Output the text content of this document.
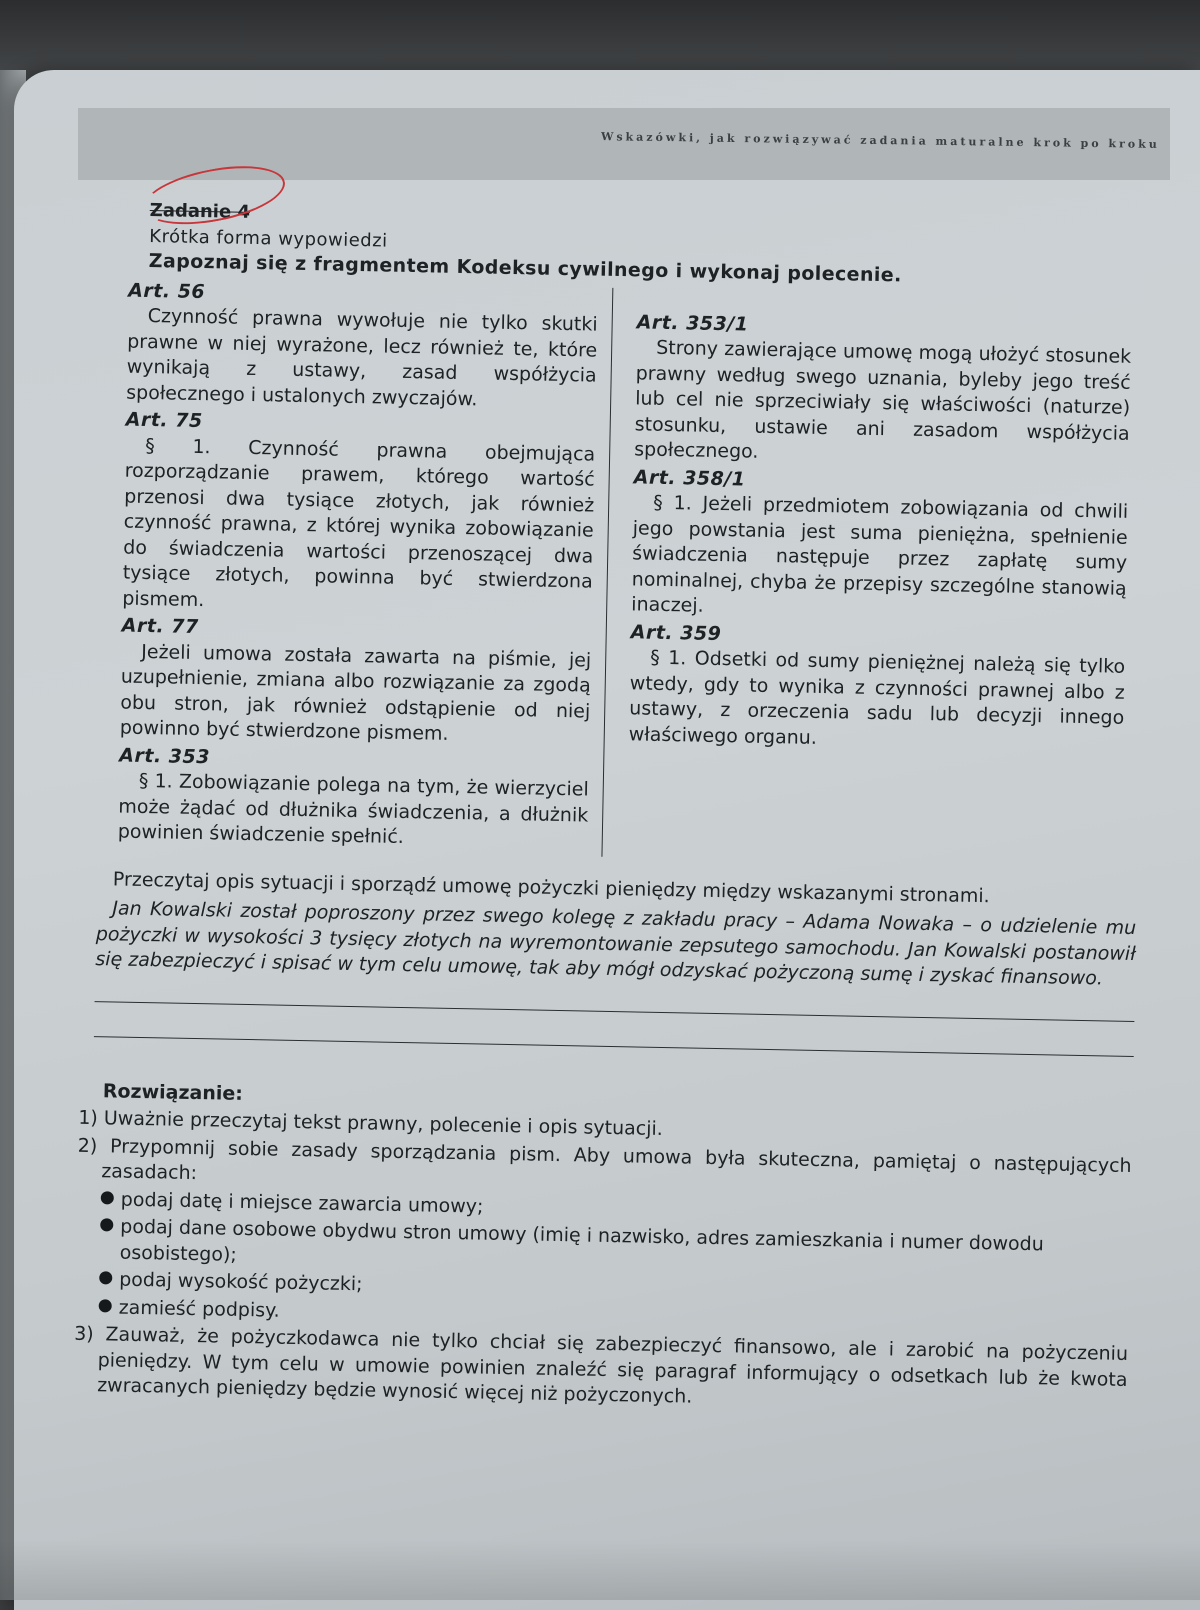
Wskazówki, jak rozwiązywać zadania maturalne krok po kroku
Zadanie 4
Krótka forma wypowiedzi
Zapoznaj się z fragmentem Kodeksu cywilnego i wykonaj polecenie.
Art. 56

Czynność prawna wywołuje nie tylko skutki prawne w niej wyrażone, lecz również te, które wynikają z ustawy, zasad współżycia społecznego i ustalonych zwyczajów.

Art. 75

§ 1. Czynność prawna obejmująca rozporządzanie prawem, którego wartość przenosi dwa tysiące złotych, jak również czynność prawna, z której wynika zobowiązanie do świadczenia wartości przenoszącej dwa tysiące złotych, powinna być stwierdzona pismem.

Art. 77

Jeżeli umowa została zawarta na piśmie, jej uzupełnienie, zmiana albo rozwiązanie za zgodą obu stron, jak również odstąpienie od niej powinno być stwierdzone pismem.

Art. 353

§ 1. Zobowiązanie polega na tym, że wierzyciel może żądać od dłużnika świadczenia, a dłużnik powinien świadczenie spełnić.

Art. 353/1

Strony zawierające umowę mogą ułożyć stosunek prawny według swego uznania, byleby jego treść lub cel nie sprzeciwiały się właściwości (naturze) stosunku, ustawie ani zasadom współżycia społecznego.

Art. 358/1

§ 1. Jeżeli przedmiotem zobowiązania od chwili jego powstania jest suma pieniężna, spełnienie świadczenia następuje przez zapłatę sumy nominalnej, chyba że przepisy szczególne stanowią inaczej.

Art. 359

§ 1. Odsetki od sumy pieniężnej należą się tylko wtedy, gdy to wynika z czynności prawnej albo z ustawy, z orzeczenia sadu lub decyzji innego właściwego organu.

Przeczytaj opis sytuacji i sporządź umowę pożyczki pieniędzy między wskazanymi stronami.

Jan Kowalski został poproszony przez swego kolegę z zakładu pracy – Adama Nowaka – o udzielenie mu pożyczki w wysokości 3 tysięcy złotych na wyremontowanie zepsutego samochodu. Jan Kowalski postanowił się zabezpieczyć i spisać w tym celu umowę, tak aby mógł odzyskać pożyczoną sumę i zyskać finansowo.

Rozwiązanie:
1) Uważnie przeczytaj tekst prawny, polecenie i opis sytuacji.
2) Przypomnij sobie zasady sporządzania pism. Aby umowa była skuteczna, pamiętaj o następujących zasadach:
podaj datę i miejsce zawarcia umowy;
podaj dane osobowe obydwu stron umowy (imię i nazwisko, adres zamieszkania i numer dowodu osobistego);
podaj wysokość pożyczki;
zamieść podpisy.
3) Zauważ, że pożyczkodawca nie tylko chciał się zabezpieczyć finansowo, ale i zarobić na pożyczeniu pieniędzy. W tym celu w umowie powinien znaleźć się paragraf informujący o odsetkach lub że kwota zwracanych pieniędzy będzie wynosić więcej niż pożyczonych.
